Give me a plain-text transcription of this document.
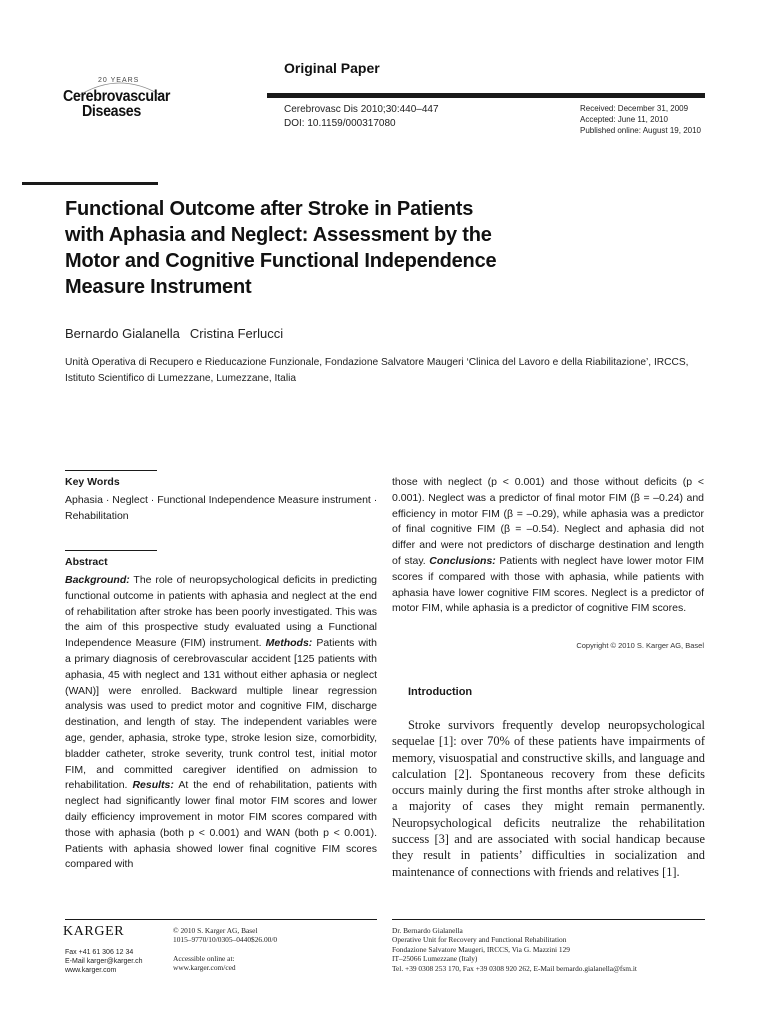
20 YEARS
Cerebrovascular
Diseases
Original Paper
Cerebrovasc Dis 2010;30:440–447
DOI: 10.1159/000317080
Received: December 31, 2009
Accepted: June 11, 2010
Published online: August 19, 2010
Functional Outcome after Stroke in Patients
with Aphasia and Neglect: Assessment by the
Motor and Cognitive Functional Independence
Measure Instrument
Bernardo Gialanella Cristina Ferlucci
Unità Operativa di Recupero e Rieducazione Funzionale, Fondazione Salvatore Maugeri ‘Clinica del Lavoro e della Riabilitazione’, IRCCS, Istituto Scientifico di Lumezzane, Lumezzane, Italia
Key Words
Aphasia · Neglect · Functional Independence Measure instrument · Rehabilitation
Abstract
Background: The role of neuropsychological deficits in predicting functional outcome in patients with aphasia and neglect at the end of rehabilitation after stroke has been poorly investigated. This was the aim of this prospective study evaluated using a Functional Independence Measure (FIM) instrument. Methods: Patients with a primary diagnosis of cerebrovascular accident [125 patients with aphasia, 45 with neglect and 131 without either aphasia or neglect (WAN)] were enrolled. Backward multiple linear regression analysis was used to predict motor and cognitive FIM, discharge destination, and length of stay. The independent variables were age, gender, aphasia, stroke type, stroke lesion size, comorbidity, bladder catheter, stroke severity, trunk control test, initial motor FIM, and committed caregiver identified on admission to rehabilitation. Results: At the end of rehabilitation, patients with neglect had significantly lower final motor FIM scores and lower daily efficiency improvement in motor FIM scores compared with those with aphasia (both p < 0.001) and WAN (both p < 0.001). Patients with aphasia showed lower final cognitive FIM scores compared with
those with neglect (p < 0.001) and those without deficits (p < 0.001). Neglect was a predictor of final motor FIM (β = –0.24) and efficiency in motor FIM (β = –0.29), while aphasia was a predictor of final cognitive FIM (β = –0.54). Neglect and aphasia did not differ and were not predictors of discharge destination and length of stay. Conclusions: Patients with neglect have lower motor FIM scores if compared with those with aphasia, while patients with aphasia have lower cognitive FIM scores. Neglect is a predictor of motor FIM, while aphasia is a predictor of cognitive FIM scores.
Copyright © 2010 S. Karger AG, Basel
Introduction

Stroke survivors frequently develop neuropsychological sequelae [1]: over 70% of these patients have impairments of memory, visuospatial and constructive skills, and language and calculation [2]. Spontaneous recovery from these deficits occurs mainly during the first months after stroke although in a majority of cases they might remain permanently. Neuropsychological deficits neutralize the rehabilitation success [3] and are associated with social handicap because they result in patients’ difficulties in socialization and maintenance of connections with friends and relatives [1].

KARGER
Fax +41 61 306 12 34
E-Mail karger@karger.ch
www.karger.com
© 2010 S. Karger AG, Basel
1015–9770/10/0305–0440$26.00/0
Accessible online at:
www.karger.com/ced
Dr. Bernardo Gialanella
Operative Unit for Recovery and Functional Rehabilitation
Fondazione Salvatore Maugeri, IRCCS, Via G. Mazzini 129
IT–25066 Lumezzane (Italy)
Tel. +39 0308 253 170, Fax +39 0308 920 262, E-Mail bernardo.gialanella@fsm.it
